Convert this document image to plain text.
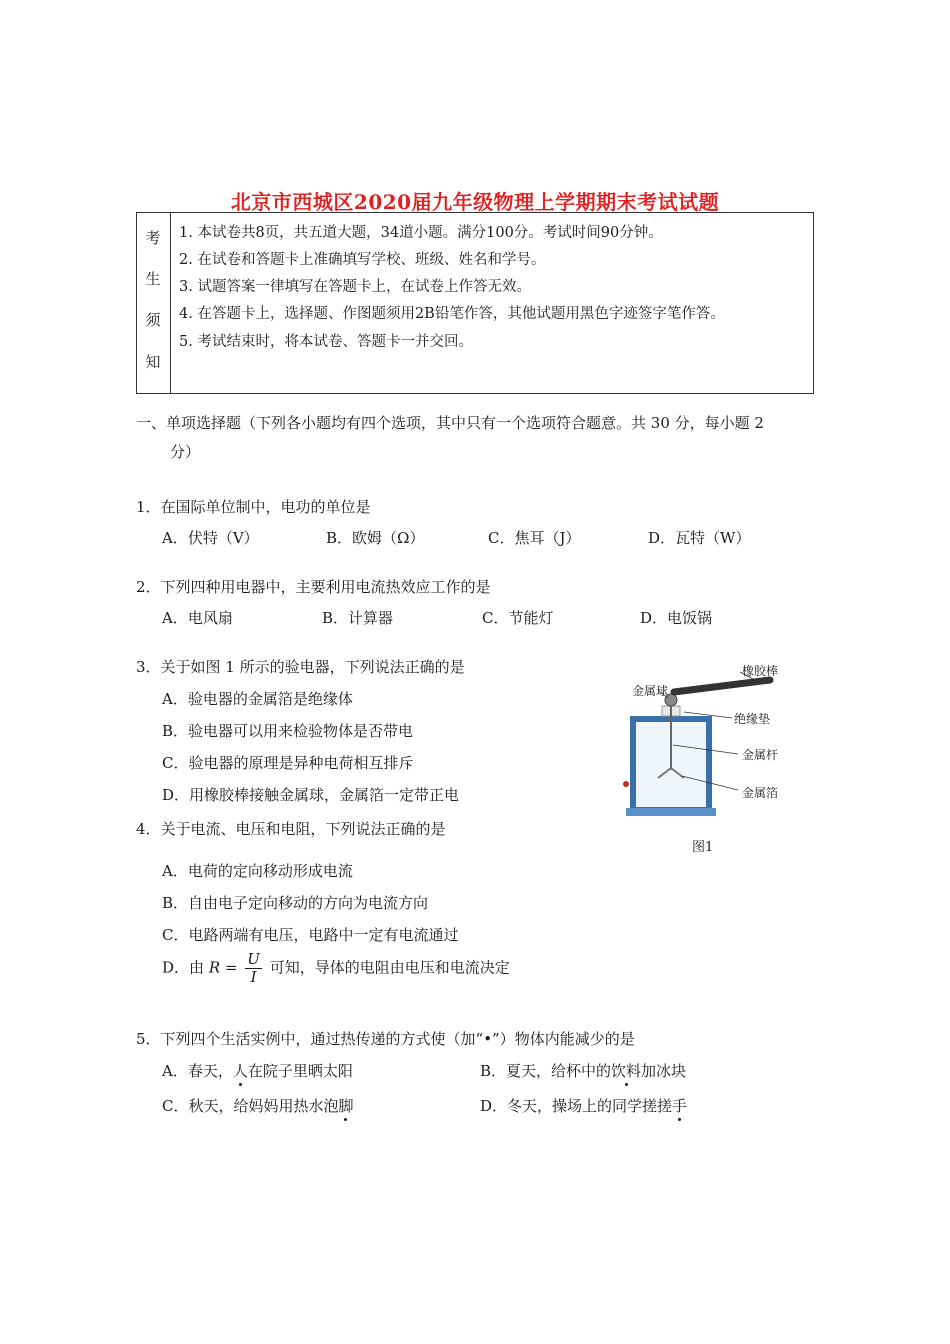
北京市西城区2020届九年级物理上学期期末考试试题
考
生
须
知
1. 本试卷共8页，共五道大题，34道小题。满分100分。考试时间90分钟。
2. 在试卷和答题卡上准确填写学校、班级、姓名和学号。
3. 试题答案一律填写在答题卡上，在试卷上作答无效。
4. 在答题卡上，选择题、作图题须用2B铅笔作答，其他试题用黑色字迹签字笔作答。
5. 考试结束时，将本试卷、答题卡一并交回。
一、单项选择题（下列各小题均有四个选项，其中只有一个选项符合题意。共 30 分，每小题 2
分）
1．在国际单位制中，电功的单位是
A．伏特（V）	B．欧姆（Ω）	C．焦耳（J）	D．瓦特（W）
2．下列四种用电器中，主要利用电流热效应工作的是
A．电风扇	B．计算器	C．节能灯	D．电饭锅
3．关于如图 1 所示的验电器，下列说法正确的是
A．验电器的金属箔是绝缘体
B．验电器可以用来检验物体是否带电
C．验电器的原理是异种电荷相互排斥
D．用橡胶棒接触金属球，金属箔一定带正电
4．关于电流、电压和电阻，下列说法正确的是
A．电荷的定向移动形成电流
B．自由电子定向移动的方向为电流方向
C．电路两端有电压，电路中一定有电流通过
D．由 $R = \frac{U}{I}$ 可知，导体的电阻由电压和电流决定
5．下列四个生活实例中，通过热传递的方式使（加“•”）物体内能减少的是
A．春天，人在院子里晒太阳	B．夏天，给杯中的饮料加冰块
C．秋天，给妈妈用热水泡脚	D．冬天，操场上的同学搓搓手
橡胶棒
金属球
绝缘垫
金属杆
金属箔
图1
